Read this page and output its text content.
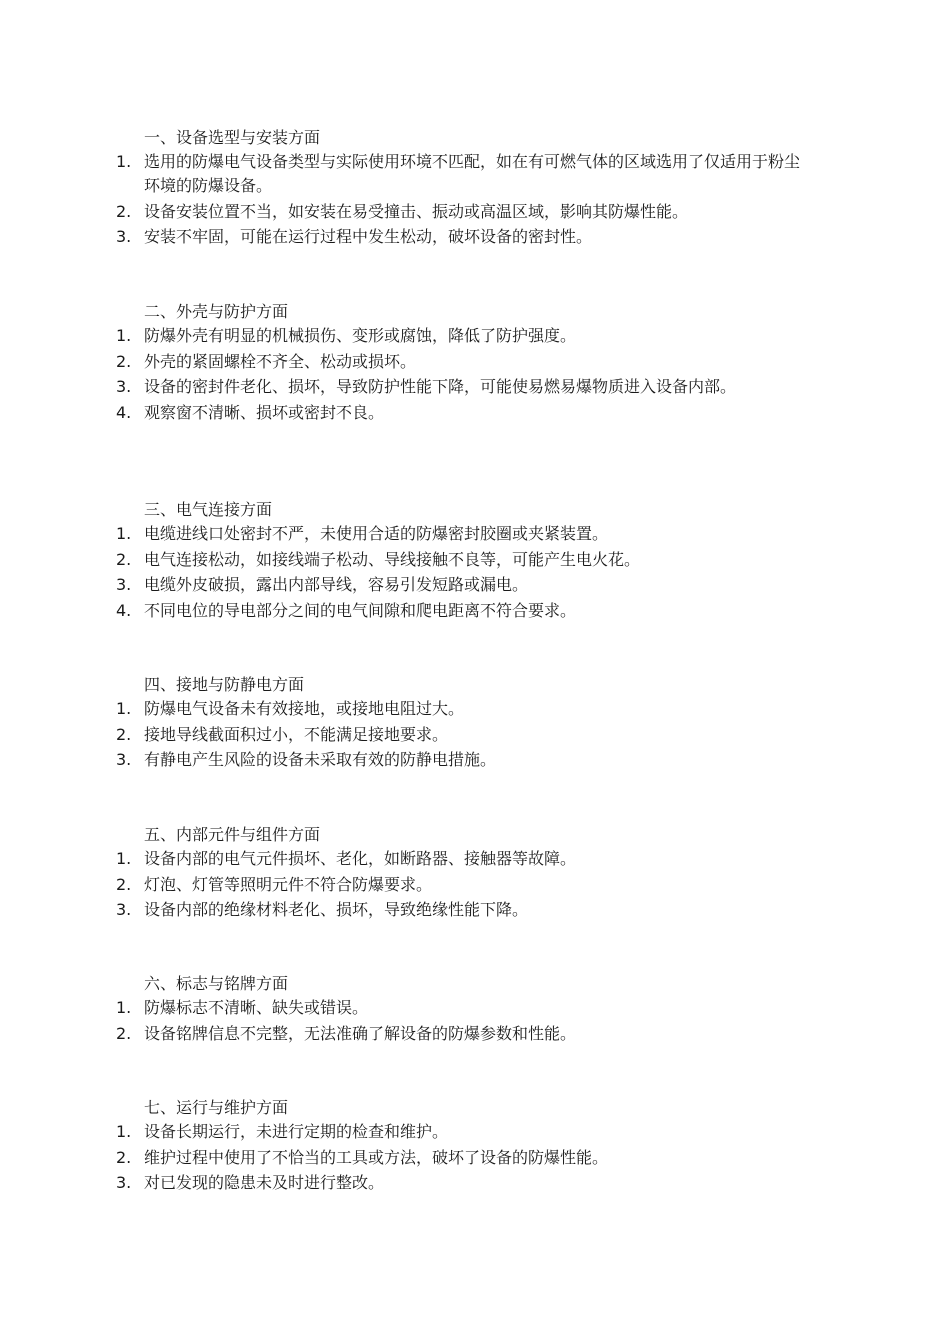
一、设备选型与安装方面
1. 选用的防爆电气设备类型与实际使用环境不匹配，如在有可燃气体的区域选用了仅适用于粉尘环境的防爆设备。
2. 设备安装位置不当，如安装在易受撞击、振动或高温区域，影响其防爆性能。
3. 安装不牢固，可能在运行过程中发生松动，破坏设备的密封性。
二、外壳与防护方面
1. 防爆外壳有明显的机械损伤、变形或腐蚀，降低了防护强度。
2. 外壳的紧固螺栓不齐全、松动或损坏。
3. 设备的密封件老化、损坏，导致防护性能下降，可能使易燃易爆物质进入设备内部。
4. 观察窗不清晰、损坏或密封不良。
三、电气连接方面
1. 电缆进线口处密封不严，未使用合适的防爆密封胶圈或夹紧装置。
2. 电气连接松动，如接线端子松动、导线接触不良等，可能产生电火花。
3. 电缆外皮破损，露出内部导线，容易引发短路或漏电。
4. 不同电位的导电部分之间的电气间隙和爬电距离不符合要求。
四、接地与防静电方面
1. 防爆电气设备未有效接地，或接地电阻过大。
2. 接地导线截面积过小，不能满足接地要求。
3. 有静电产生风险的设备未采取有效的防静电措施。
五、内部元件与组件方面
1. 设备内部的电气元件损坏、老化，如断路器、接触器等故障。
2. 灯泡、灯管等照明元件不符合防爆要求。
3. 设备内部的绝缘材料老化、损坏，导致绝缘性能下降。
六、标志与铭牌方面
1. 防爆标志不清晰、缺失或错误。
2. 设备铭牌信息不完整，无法准确了解设备的防爆参数和性能。
七、运行与维护方面
1. 设备长期运行，未进行定期的检查和维护。
2. 维护过程中使用了不恰当的工具或方法，破坏了设备的防爆性能。
3. 对已发现的隐患未及时进行整改。
